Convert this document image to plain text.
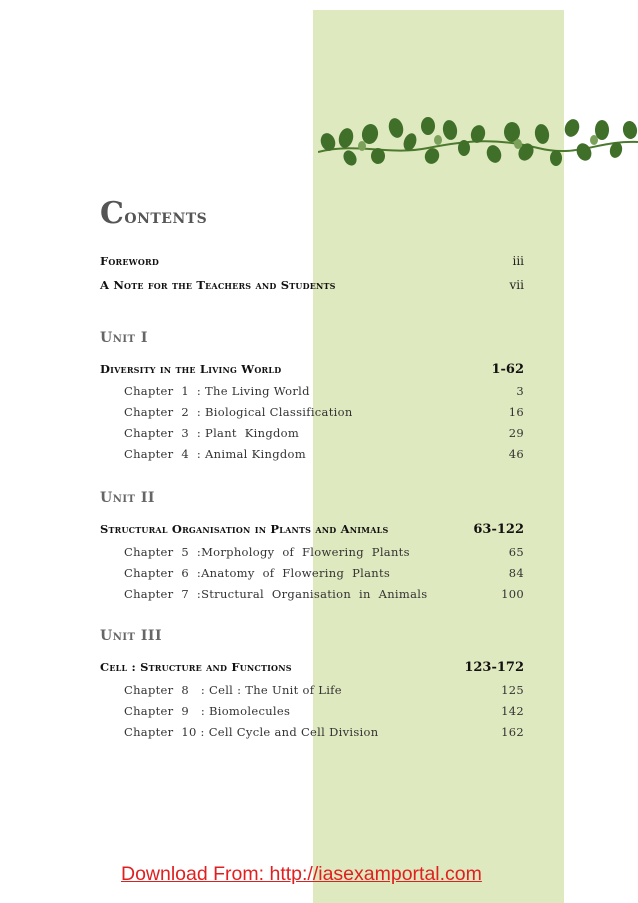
Contents
Foreword	iii
A Note for the Teachers and Students	vii
Unit I
Diversity in the Living World	1-62
Chapter  1  : The Living World	3
Chapter  2  : Biological Classification	16
Chapter  3  : Plant  Kingdom	29
Chapter  4  : Animal Kingdom	46
Unit II
Structural Organisation in Plants and Animals	63-122
Chapter  5  : Morphology  of  Flowering  Plants	65
Chapter  6  : Anatomy  of  Flowering  Plants	84
Chapter  7  : Structural  Organisation  in  Animals	100
Unit III
Cell : Structure and Functions	123-172
Chapter  8   : Cell : The Unit of Life	125
Chapter  9   : Biomolecules	142
Chapter  10 : Cell Cycle and Cell Division	162

Download From: http://iasexamportal.com
